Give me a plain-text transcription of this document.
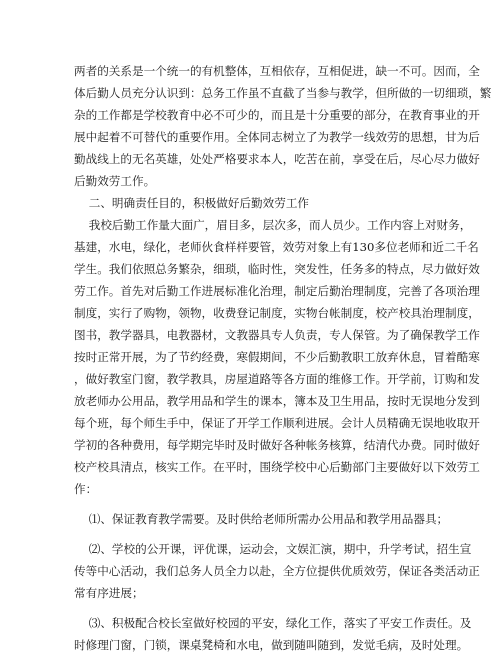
两者的关系是一个统一的有机整体，互相依存，互相促进，缺一不可。因而，全
体后勤人员充分认识到：总务工作虽不直截了当参与教学，但所做的一切细琐，繁
杂的工作都是学校教育中必不可少的，而且是十分重要的部分，在教育事业的开
展中起着不可替代的重要作用。全体同志树立了为教学一线效劳的思想，甘为后
勤战线上的无名英雄，处处严格要求本人，吃苦在前，享受在后，尽心尽力做好
后勤效劳工作。
二、明确责任目的，积极做好后勤效劳工作
我校后勤工作量大面广，眉目多，层次多，而人员少。工作内容上对财务，
基建，水电，绿化，老师伙食样样要管，效劳对象上有130多位老师和近二千名
学生。我们依照总务繁杂，细琐，临时性，突发性，任务多的特点，尽力做好效
劳工作。首先对后勤工作进展标准化治理，制定后勤治理制度，完善了各项治理
制度，实行了购物，领物，收费登记制度，实物台帐制度，校产校具治理制度，
图书，教学器具，电教器材，文教器具专人负责，专人保管。为了确保教学工作
按时正常开展，为了节约经费，寒假期间，不少后勤教职工放弃休息，冒着酷寒
，做好教室门窗，教学教具，房屋道路等各方面的维修工作。开学前，订购和发
放老师办公用品，教学用品和学生的课本，簿本及卫生用品，按时无误地分发到
每个班，每个师生手中，保证了开学工作顺利进展。会计人员精确无误地收取开
学初的各种费用，每学期完毕时及时做好各种帐务核算，结清代办费。同时做好
校产校具清点，核实工作。在平时，围绕学校中心后勤部门主要做好以下效劳工
作：
⑴、保证教育教学需要。及时供给老师所需办公用品和教学用品器具；
⑵、学校的公开课，评优课，运动会，文娱汇演，期中，升学考试，招生宣
传等中心活动，我们总务人员全力以赴，全方位提供优质效劳，保证各类活动正
常有序进展；
⑶、积极配合校长室做好校园的平安，绿化工作，落实了平安工作责任。及
时修理门窗，门锁，课桌凳椅和水电，做到随叫随到，发觉毛病，及时处理。
